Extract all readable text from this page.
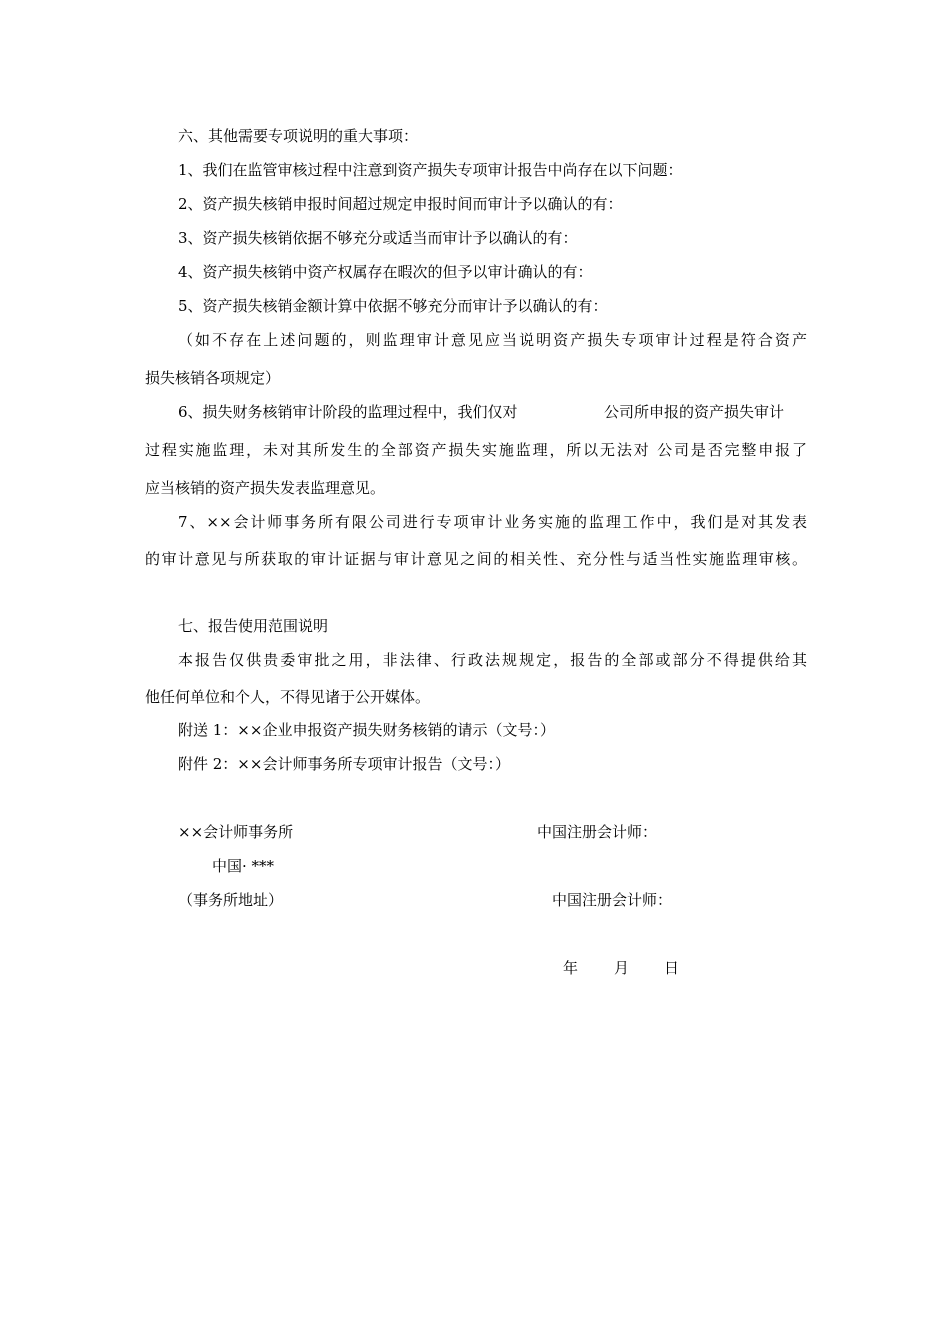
六、其他需要专项说明的重大事项：
1、我们在监管审核过程中注意到资产损失专项审计报告中尚存在以下问题：
2、资产损失核销申报时间超过规定申报时间而审计予以确认的有：
3、资产损失核销依据不够充分或适当而审计予以确认的有：
4、资产损失核销中资产权属存在暇次的但予以审计确认的有：
5、资产损失核销金额计算中依据不够充分而审计予以确认的有：
（如不存在上述问题的，则监理审计意见应当说明资产损失专项审计过程是符合资产
损失核销各项规定）
6、损失财务核销审计阶段的监理过程中，我们仅对	公司所申报的资产损失审计
过程实施监理，未对其所发生的全部资产损失实施监理，所以无法对 公司是否完整申报了
应当核销的资产损失发表监理意见。
7、××会计师事务所有限公司进行专项审计业务实施的监理工作中，我们是对其发表
的审计意见与所获取的审计证据与审计意见之间的相关性、充分性与适当性实施监理审核。
七、报告使用范围说明
本报告仅供贵委审批之用，非法律、行政法规规定，报告的全部或部分不得提供给其
他任何单位和个人，不得见诸于公开媒体。
附送 1：××企业申报资产损失财务核销的请示（文号：）
附件 2：××会计师事务所专项审计报告（文号：）
××会计师事务所	中国注册会计师：
中国· ***
（事务所地址）	中国注册会计师：
年 月 日
